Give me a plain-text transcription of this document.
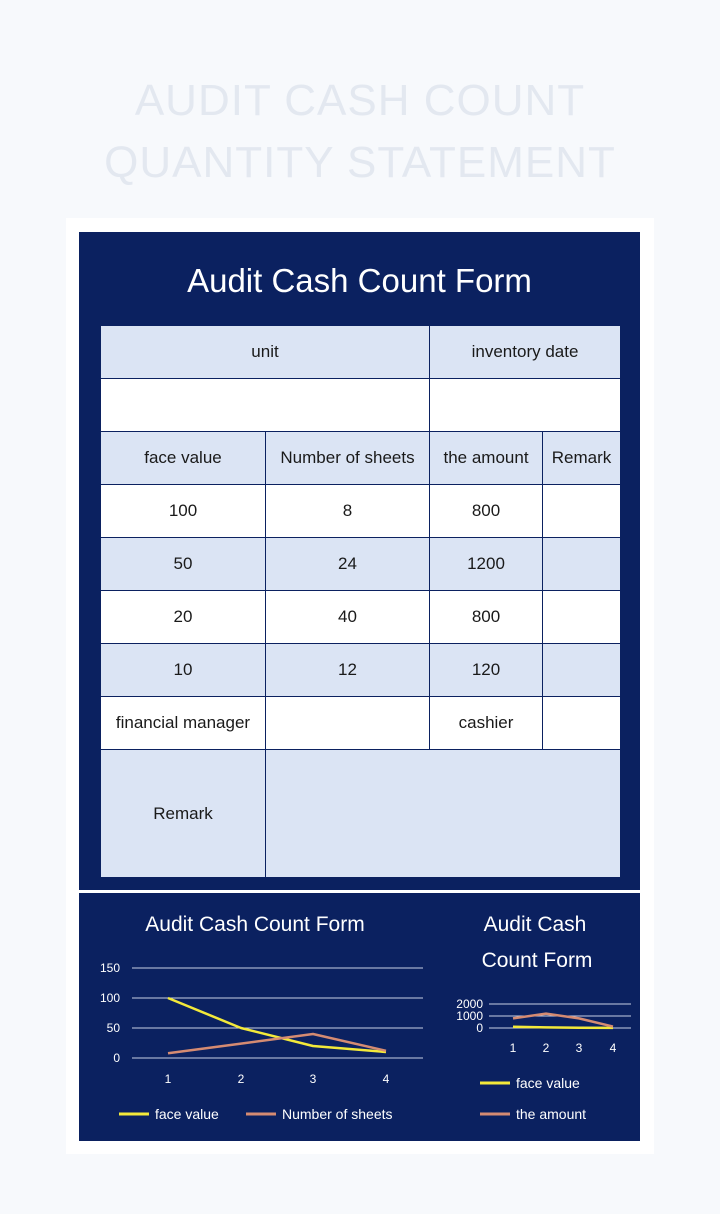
AUDIT CASH COUNT
QUANTITY STATEMENT
Audit Cash Count Form
unit		inventory date	

face value	Number of sheets	the amount	Remark
100	8	800	
50	24	1200	
20	40	800	
10	12	120	
financial manager		cashier	
Remark			
Audit Cash Count Form
0
50
100
150
1	2	3	4
face value	Number of sheets
Audit Cash
Count Form
0
1000
2000
1 2 3 4
face value
the amount
